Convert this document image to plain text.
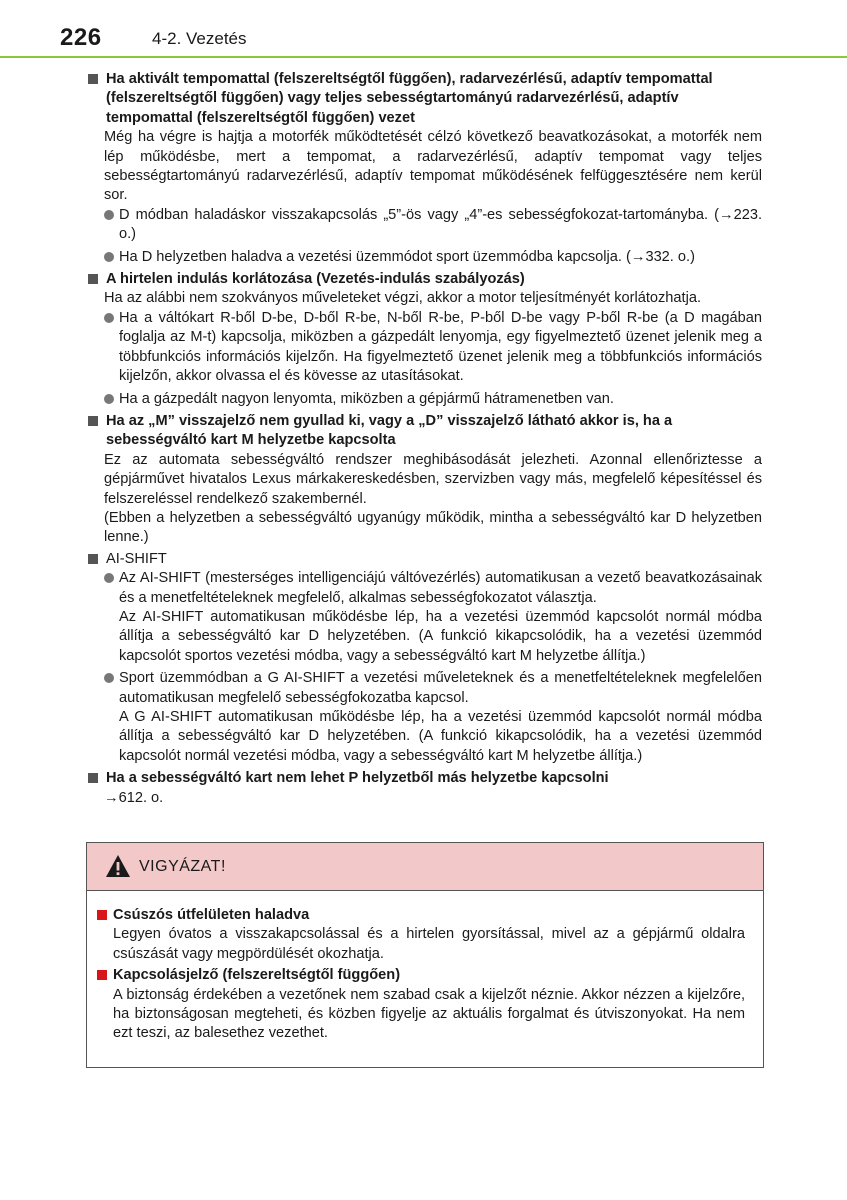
226	4-2. Vezetés
Ha aktivált tempomattal (felszereltségtől függően), radarvezérlésű, adaptív tempomattal (felszereltségtől függően) vagy teljes sebességtartományú radarvezérlésű, adaptív tempomattal (felszereltségtől függően) vezet

Még ha végre is hajtja a motorfék működtetését célzó következő beavatkozásokat, a motorfék nem lép működésbe, mert a tempomat, a radarvezérlésű, adaptív tempomat vagy teljes sebességtartományú radarvezérlésű, adaptív tempomat működésének felfüggesztésére nem kerül sor.

D módban haladáskor visszakapcsolás „5”-ös vagy „4”-es sebességfokozat-tartományba. (→223. o.)

Ha D helyzetben haladva a vezetési üzemmódot sport üzemmódba kapcsolja. (→332. o.)

A hirtelen indulás korlátozása (Vezetés-indulás szabályozás)

Ha az alábbi nem szokványos műveleteket végzi, akkor a motor teljesítményét korlátozhatja.

Ha a váltókart R-ből D-be, D-ből R-be, N-ből R-be, P-ből D-be vagy P-ből R-be (a D magában foglalja az M-t) kapcsolja, miközben a gázpedált lenyomja, egy figyelmeztető üzenet jelenik meg a többfunkciós információs kijelzőn. Ha figyelmeztető üzenet jelenik meg a többfunkciós információs kijelzőn, akkor olvassa el és kövesse az utasításokat.

Ha a gázpedált nagyon lenyomta, miközben a gépjármű hátramenetben van.

Ha az „M” visszajelző nem gyullad ki, vagy a „D” visszajelző látható akkor is, ha a sebességváltó kart M helyzetbe kapcsolta

Ez az automata sebességváltó rendszer meghibásodását jelezheti. Azonnal ellenőriztesse a gépjárművet hivatalos Lexus márkakereskedésben, szervizben vagy más, megfelelő képesítéssel és felszereléssel rendelkező szakembernél.

(Ebben a helyzetben a sebességváltó ugyanúgy működik, mintha a sebességváltó kar D helyzetben lenne.)

AI-SHIFT

Az AI-SHIFT (mesterséges intelligenciájú váltóvezérlés) automatikusan a vezető beavatkozásainak és a menetfeltételeknek megfelelő, alkalmas sebességfokozatot választja.

Az AI-SHIFT automatikusan működésbe lép, ha a vezetési üzemmód kapcsolót normál módba állítja a sebességváltó kar D helyzetében. (A funkció kikapcsolódik, ha a vezetési üzemmód kapcsolót sportos vezetési módba, vagy a sebességváltó kart M helyzetbe állítja.)

Sport üzemmódban a G AI-SHIFT a vezetési műveleteknek és a menetfeltételeknek megfelelően automatikusan megfelelő sebességfokozatba kapcsol.

A G AI-SHIFT automatikusan működésbe lép, ha a vezetési üzemmód kapcsolót normál módba állítja a sebességváltó kar D helyzetében. (A funkció kikapcsolódik, ha a vezetési üzemmód kapcsolót normál vezetési módba, vagy a sebességváltó kart M helyzetbe állítja.)

Ha a sebességváltó kart nem lehet P helyzetből más helyzetbe kapcsolni
→612. o.
VIGYÁZAT!
Csúszós útfelületen haladva

Legyen óvatos a visszakapcsolással és a hirtelen gyorsítással, mivel az a gépjármű oldalra csúszását vagy megpördülését okozhatja.

Kapcsolásjelző (felszereltségtől függően)

A biztonság érdekében a vezetőnek nem szabad csak a kijelzőt néznie. Akkor nézzen a kijelzőre, ha biztonságosan megteheti, és közben figyelje az aktuális forgalmat és útviszonyokat. Ha nem ezt teszi, az balesethez vezethet.
